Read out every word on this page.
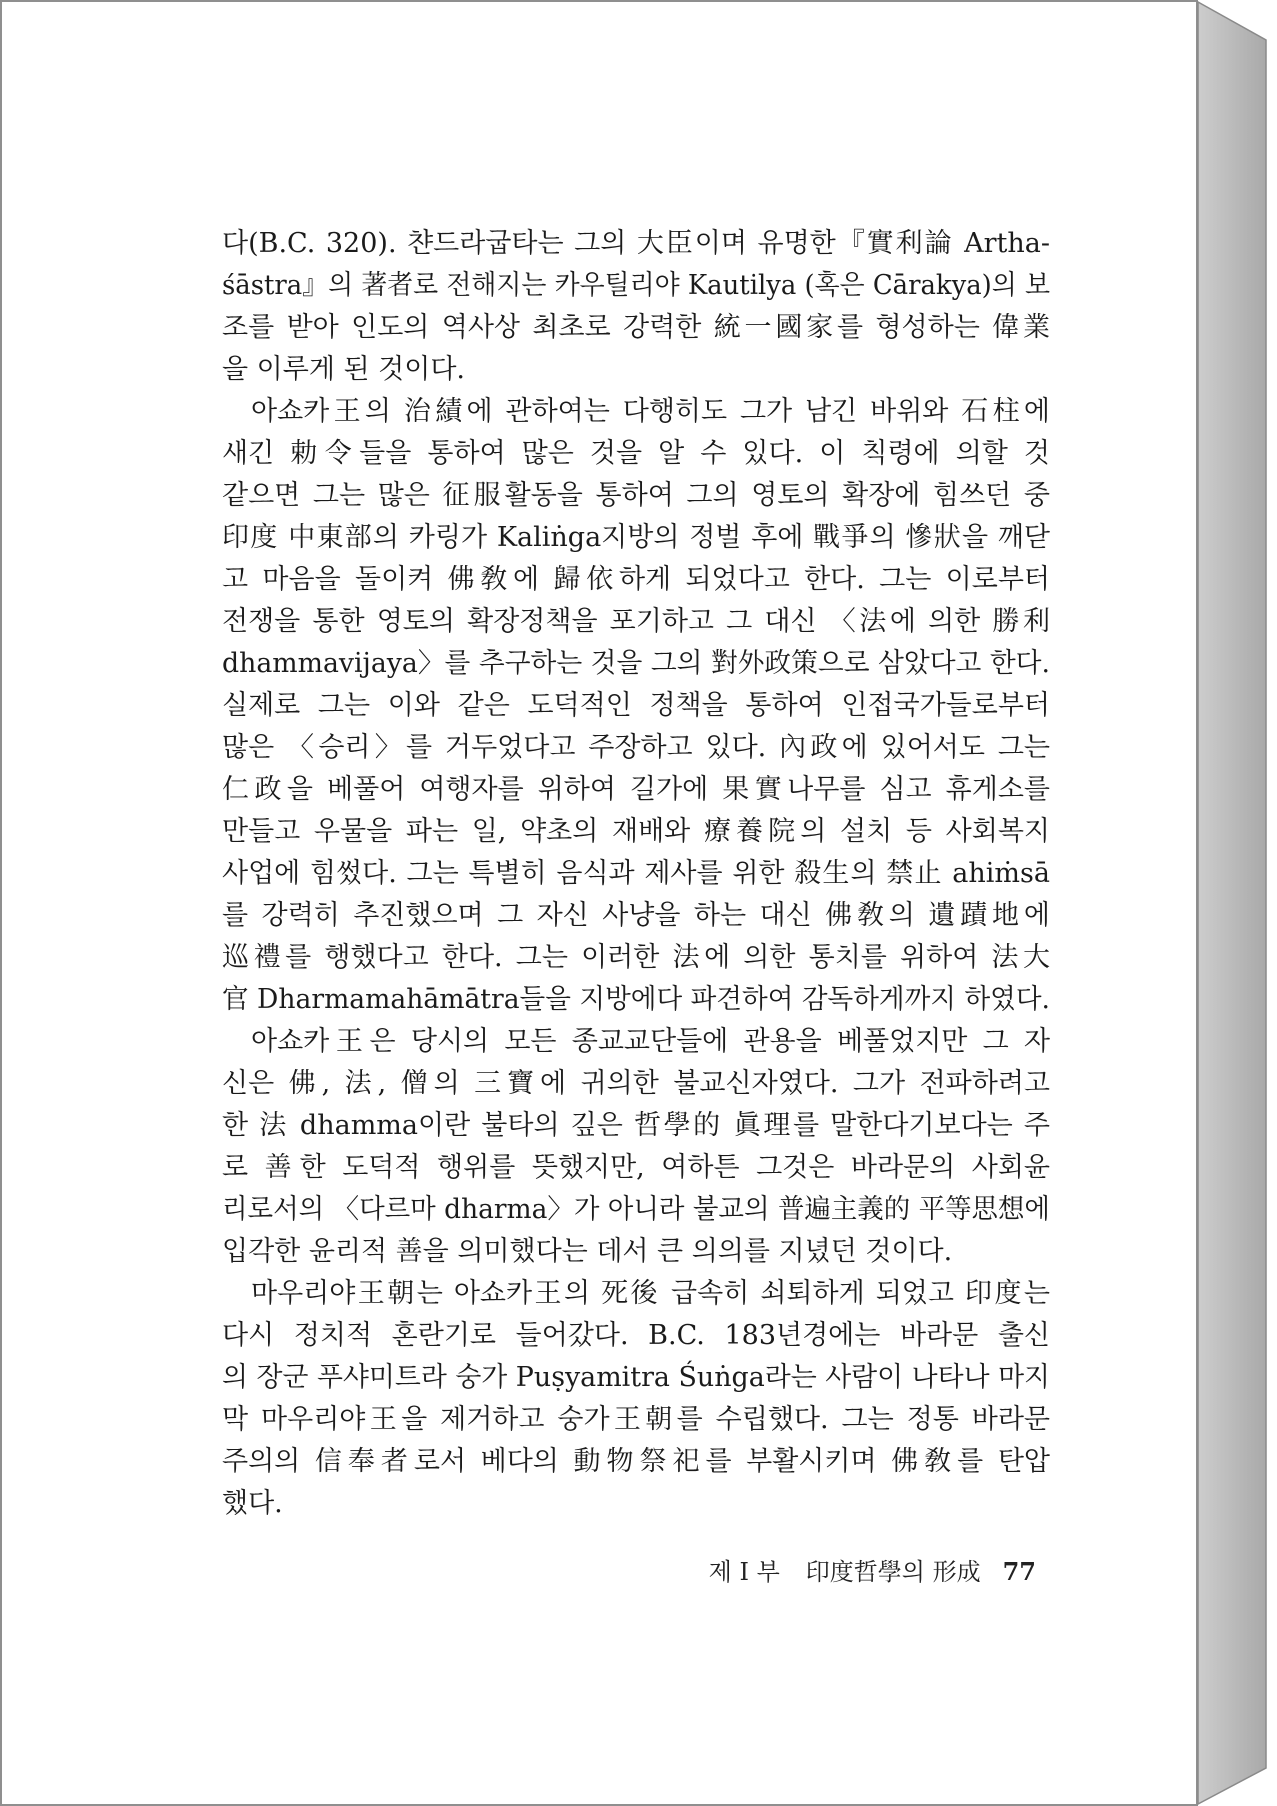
다(B.C. 320). 챤드라굽타는 그의 大臣이며 유명한『實利論 Artha-
śāstra』의 著者로 전해지는 카우틸리야 Kautilya (혹은 Cārakya)의 보
조를 받아 인도의 역사상 최초로 강력한 統一國家를 형성하는 偉業
을 이루게 된 것이다.
아쇼카王의 治績에 관하여는 다행히도 그가 남긴 바위와 石柱에
새긴 勅令들을 통하여 많은 것을 알 수 있다. 이 칙령에 의할 것
같으면 그는 많은 征服활동을 통하여 그의 영토의 확장에 힘쓰던 중
印度 中東部의 카링가 Kaliṅga지방의 정벌 후에 戰爭의 慘狀을 깨닫
고 마음을 돌이켜 佛敎에 歸依하게 되었다고 한다. 그는 이로부터
전쟁을 통한 영토의 확장정책을 포기하고 그 대신 〈法에 의한 勝利
dhammavijaya〉를 추구하는 것을 그의 對外政策으로 삼았다고 한다.
실제로 그는 이와 같은 도덕적인 정책을 통하여 인접국가들로부터
많은 〈승리〉를 거두었다고 주장하고 있다. 內政에 있어서도 그는
仁政을 베풀어 여행자를 위하여 길가에 果實나무를 심고 휴게소를
만들고 우물을 파는 일, 약초의 재배와 療養院의 설치 등 사회복지
사업에 힘썼다. 그는 특별히 음식과 제사를 위한 殺生의 禁止 ahiṁsā
를 강력히 추진했으며 그 자신 사냥을 하는 대신 佛敎의 遺蹟地에
巡禮를 행했다고 한다. 그는 이러한 法에 의한 통치를 위하여 法大
官 Dharmamahāmātra들을 지방에다 파견하여 감독하게까지 하였다.
아쇼카王은 당시의 모든 종교교단들에 관용을 베풀었지만 그 자
신은 佛, 法, 僧의 三寶에 귀의한 불교신자였다. 그가 전파하려고
한 法 dhamma이란 불타의 깊은 哲學的 眞理를 말한다기보다는 주
로 善한 도덕적 행위를 뜻했지만, 여하튼 그것은 바라문의 사회윤
리로서의 〈다르마 dharma〉가 아니라 불교의 普遍主義的 平等思想에
입각한 윤리적 善을 의미했다는 데서 큰 의의를 지녔던 것이다.
마우리야王朝는 아쇼카王의 死後 급속히 쇠퇴하게 되었고 印度는
다시 정치적 혼란기로 들어갔다. B.C. 183년경에는 바라문 출신
의 장군 푸샤미트라 숭가 Puṣyamitra Śuṅga라는 사람이 나타나 마지
막 마우리야王을 제거하고 숭가王朝를 수립했다. 그는 정통 바라문
주의의 信奉者로서 베다의 動物祭祀를 부활시키며 佛敎를 탄압
했다.
제 I 부 印度哲學의 形成 77
